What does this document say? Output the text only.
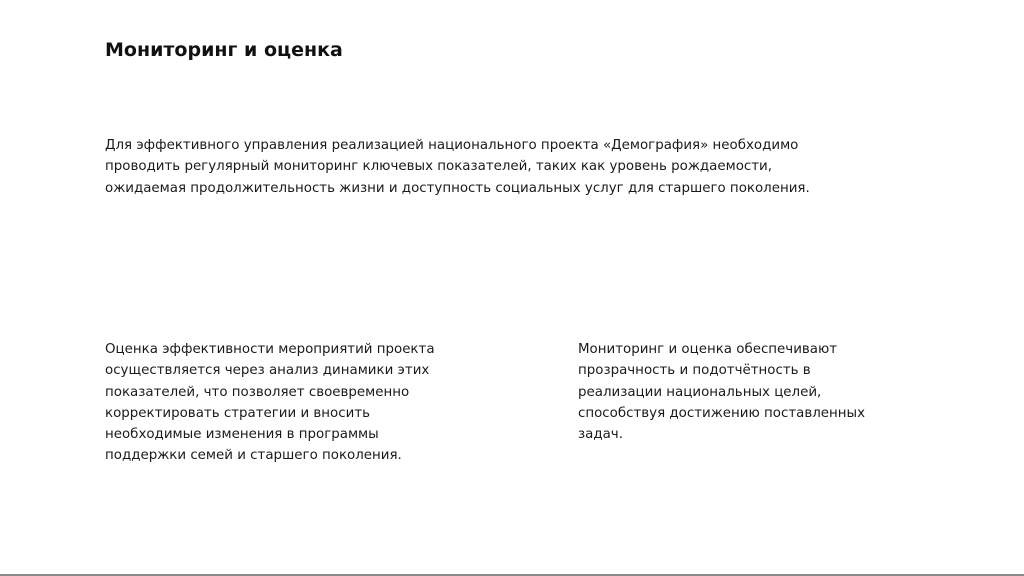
Мониторинг и оценка

Для эффективного управления реализацией национального проекта «Демография» необходимо проводить регулярный мониторинг ключевых показателей, таких как уровень рождаемости, ожидаемая продолжительность жизни и доступность социальных услуг для старшего поколения.

Оценка эффективности мероприятий проекта осуществляется через анализ динамики этих показателей, что позволяет своевременно корректировать стратегии и вносить необходимые изменения в программы поддержки семей и старшего поколения.

Мониторинг и оценка обеспечивают прозрачность и подотчётность в реализации национальных целей, способствуя достижению поставленных задач.
